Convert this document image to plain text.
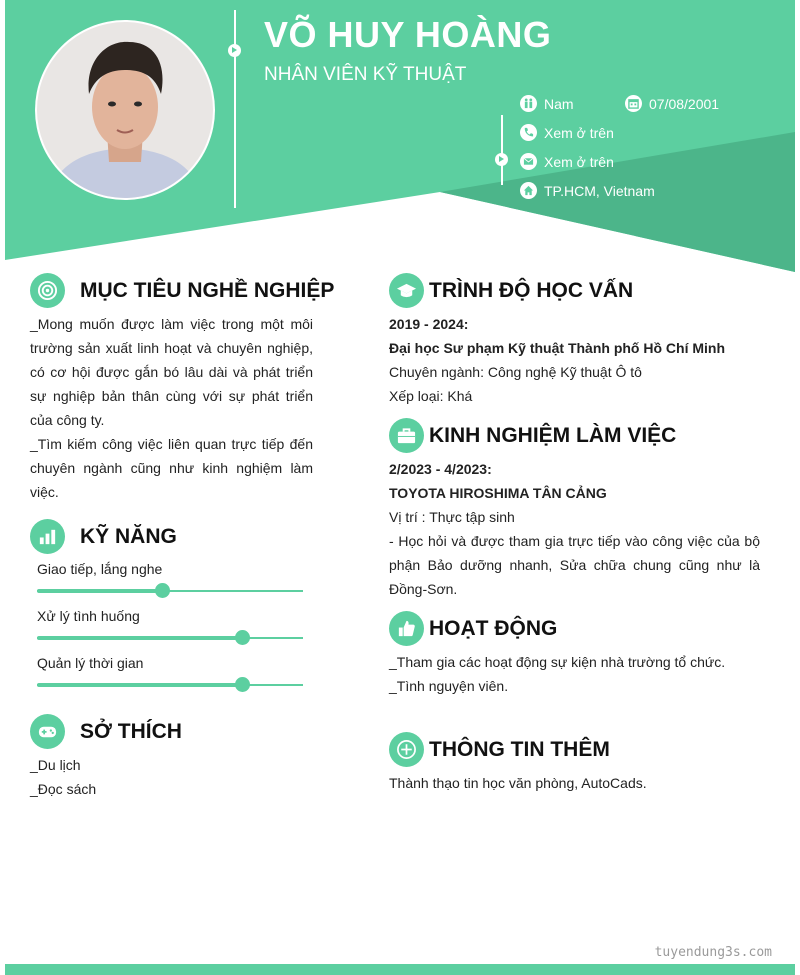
VÕ HUY HOÀNG
NHÂN VIÊN KỸ THUẬT
Nam	07/08/2001
Xem ở trên
Xem ở trên
TP.HCM, Vietnam
MỤC TIÊU NGHỀ NGHIỆP

_Mong muốn được làm việc trong một môi trường sản xuất linh hoạt và chuyên nghiệp, có cơ hội được gắn bó lâu dài và phát triển sự nghiệp bản thân cùng với sự phát triển của công ty.

_Tìm kiếm công việc liên quan trực tiếp đến chuyên ngành cũng như kinh nghiệm làm việc.

KỸ NĂNG
Giao tiếp, lắng nghe
Xử lý tình huống
Quản lý thời gian
SỞ THÍCH

_Du lịch

_Đọc sách

TRÌNH ĐỘ HỌC VẤN

2019 - 2024:

Đại học Sư phạm Kỹ thuật Thành phố Hồ Chí Minh

Chuyên ngành: Công nghệ Kỹ thuật Ô tô

Xếp loại: Khá

KINH NGHIỆM LÀM VIỆC

2/2023 - 4/2023:

TOYOTA HIROSHIMA TÂN CẢNG

Vị trí : Thực tập sinh

- Học hỏi và được tham gia trực tiếp vào công việc của bộ phận Bảo dưỡng nhanh, Sửa chữa chung cũng như là Đồng-Sơn.

HOẠT ĐỘNG

_Tham gia các hoạt động sự kiện nhà trường tổ chức.

_Tình nguyện viên.

THÔNG TIN THÊM

Thành thạo tin học văn phòng, AutoCads.

tuyendung3s.com
